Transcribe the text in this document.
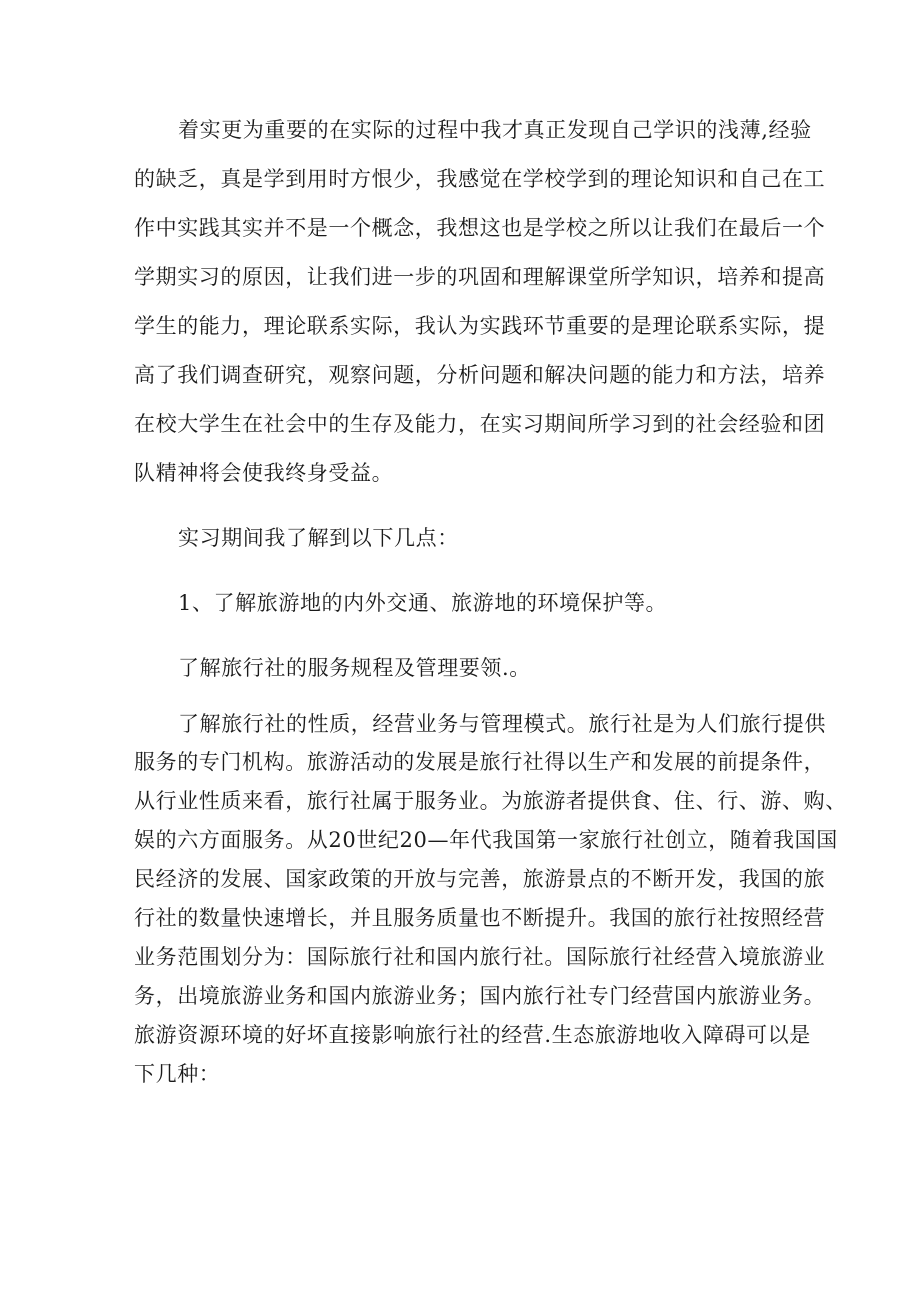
着实更为重要的在实际的过程中我才真正发现自己学识的浅薄,经验
的缺乏，真是学到用时方恨少，我感觉在学校学到的理论知识和自己在工
作中实践其实并不是一个概念，我想这也是学校之所以让我们在最后一个
学期实习的原因，让我们进一步的巩固和理解课堂所学知识，培养和提高
学生的能力，理论联系实际，我认为实践环节重要的是理论联系实际，提
高了我们调查研究，观察问题，分析问题和解决问题的能力和方法，培养
在校大学生在社会中的生存及能力，在实习期间所学习到的社会经验和团
队精神将会使我终身受益。
实习期间我了解到以下几点：
1、了解旅游地的内外交通、旅游地的环境保护等。
了解旅行社的服务规程及管理要领.。
了解旅行社的性质，经营业务与管理模式。旅行社是为人们旅行提供
服务的专门机构。旅游活动的发展是旅行社得以生产和发展的前提条件，
从行业性质来看，旅行社属于服务业。为旅游者提供食、住、行、游、购、
娱的六方面服务。从20世纪20—年代我国第一家旅行社创立，随着我国国
民经济的发展、国家政策的开放与完善，旅游景点的不断开发，我国的旅
行社的数量快速增长，并且服务质量也不断提升。我国的旅行社按照经营
业务范围划分为：国际旅行社和国内旅行社。国际旅行社经营入境旅游业
务，出境旅游业务和国内旅游业务；国内旅行社专门经营国内旅游业务。
旅游资源环境的好坏直接影响旅行社的经营.生态旅游地收入障碍可以是
下几种：
